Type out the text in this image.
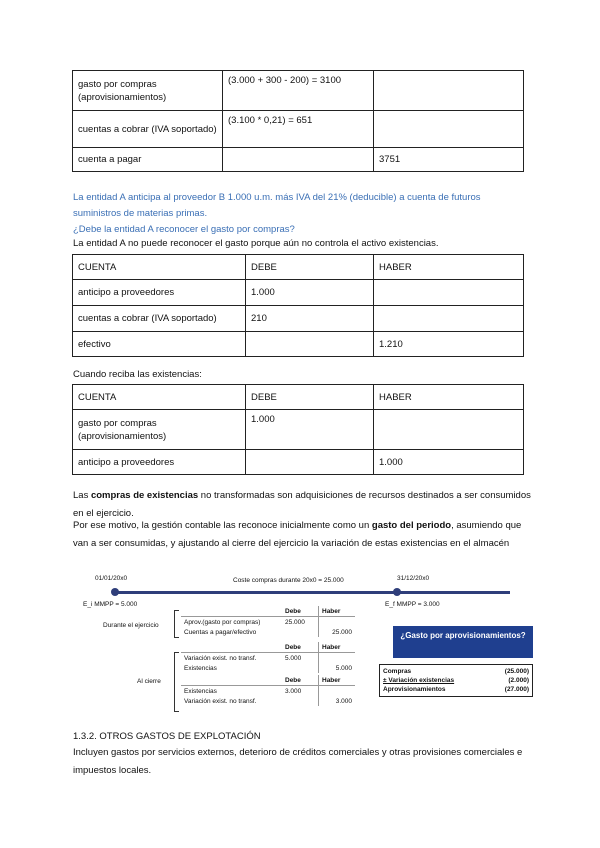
gasto por compras (aprovisionamientos)	(3.000 + 300 - 200) = 3100	
cuentas a cobrar (IVA soportado)	(3.100 * 0,21) = 651	
cuenta a pagar		3751
La entidad A anticipa al proveedor B 1.000 u.m. más IVA del 21% (deducible) a cuenta de futuros
suministros de materias primas.
¿Debe la entidad A reconocer el gasto por compras?
La entidad A no puede reconocer el gasto porque aún no controla el activo existencias.
CUENTA	DEBE	HABER
anticipo a proveedores	1.000	
cuentas a cobrar (IVA soportado)	210	
efectivo		1.210
Cuando reciba las existencias:
CUENTA	DEBE	HABER
gasto por compras (aprovisionamientos)	1.000	
anticipo a proveedores		1.000
Las compras de existencias no transformadas son adquisiciones de recursos destinados a ser consumidos en el ejercicio.
Por ese motivo, la gestión contable las reconoce inicialmente como un gasto del periodo, asumiendo que van a ser consumidas, y ajustando al cierre del ejercicio la variación de estas existencias en el almacén
01/01/20x0	Coste compras durante 20x0 = 25.000	31/12/20x0
E_i MMPP = 5.000	E_f MMPP = 3.000
Durante el ejercicio
	Debe	Haber
Aprov.(gasto por compras)	25.000	
Cuentas a pagar/efectivo		25.000
Al cierre
	Debe	Haber
Variación exist. no transf.	5.000	
Existencias		5.000
	Debe	Haber
Existencias	3.000	
Variación exist. no transf.		3.000
¿Gasto por aprovisionamientos?
Compras	(25.000)
± Variación existencias	(2.000)
Aprovisionamientos	(27.000)
1.3.2. OTROS GASTOS DE EXPLOTACIÓN
Incluyen gastos por servicios externos, deterioro de créditos comerciales y otras provisiones comerciales e impuestos locales.
